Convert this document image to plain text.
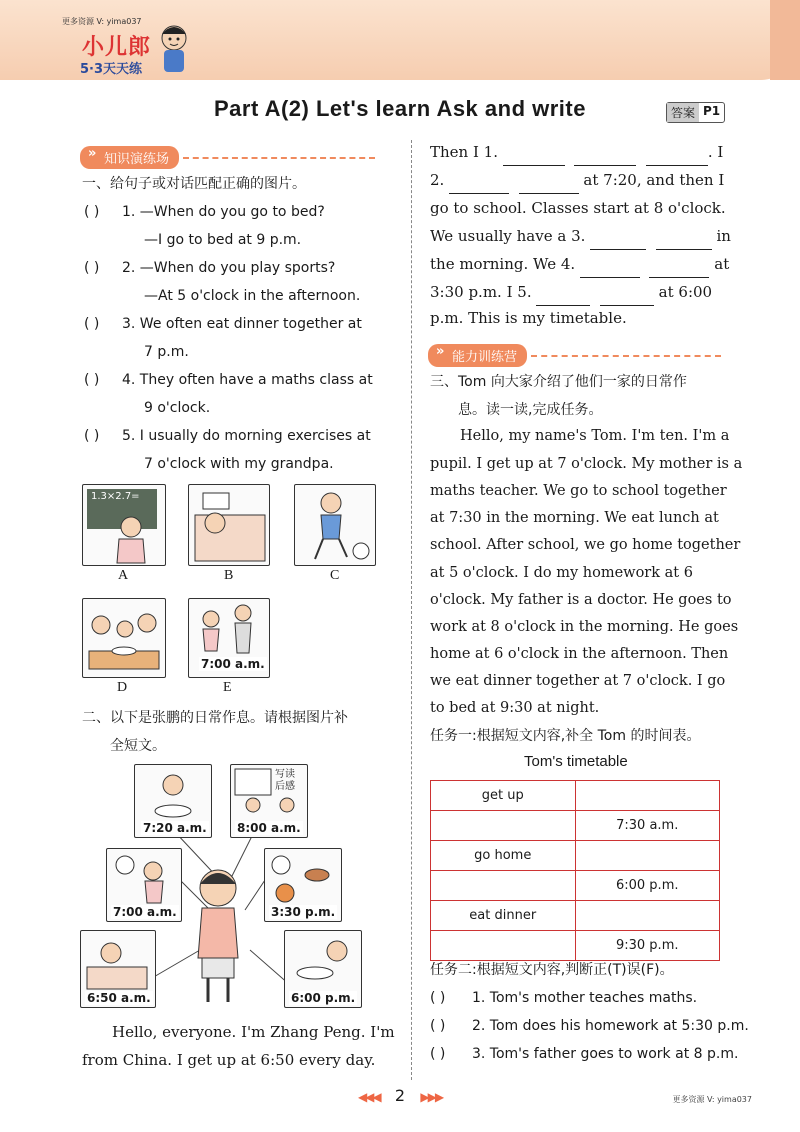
更多资源 V: yima037
小儿郎
5·3天天练
Part A(2) Let's learn Ask and write	答案 P1
» 知识演练场
一、给句子或对话匹配正确的图片。
( ) 1. —When do you go to bed?
—I go to bed at 9 p.m.
( ) 2. —When do you play sports?
—At 5 o'clock in the afternoon.
( ) 3. We often eat dinner together at
7 p.m.
( ) 4. They often have a maths class at
9 o'clock.
( ) 5. I usually do morning exercises at
7 o'clock with my grandpa.
1.3×2.7=
A	B	C
D
7:00 a.m.
E
二、以下是张鹏的日常作息。请根据图片补
全短文。
7:20 a.m.
写读后感
8:00 a.m.
7:00 a.m.	3:30 p.m.
6:50 a.m.	6:00 p.m.
Hello, everyone. I'm Zhang Peng. I'm
from China. I get up at 6:50 every day.
Then I 1.	. I
2.	at 7:20, and then I
go to school. Classes start at 8 o'clock.
We usually have a 3.	in
the morning. We 4.	at
3:30 p.m. I 5.	at 6:00
p.m. This is my timetable.
» 能力训练营
三、Tom 向大家介绍了他们一家的日常作
息。读一读,完成任务。
Hello, my name's Tom. I'm ten. I'm a
pupil. I get up at 7 o'clock. My mother is a
maths teacher. We go to school together
at 7:30 in the morning. We eat lunch at
school. After school, we go home together
at 5 o'clock. I do my homework at 6
o'clock. My father is a doctor. He goes to
work at 8 o'clock in the morning. He goes
home at 6 o'clock in the afternoon. Then
we eat dinner together at 7 o'clock. I go
to bed at 9:30 at night.
任务一:根据短文内容,补全 Tom 的时间表。
Tom's timetable
get up	
	7:30 a.m.
go home	
	6:00 p.m.
eat dinner	
	9:30 p.m.
任务二:根据短文内容,判断正(T)误(F)。
( ) 1. Tom's mother teaches maths.
( ) 2. Tom does his homework at 5:30 p.m.
( ) 3. Tom's father goes to work at 8 p.m.
◀◀◀ 2 ▶▶▶	更多资源 V: yima037
